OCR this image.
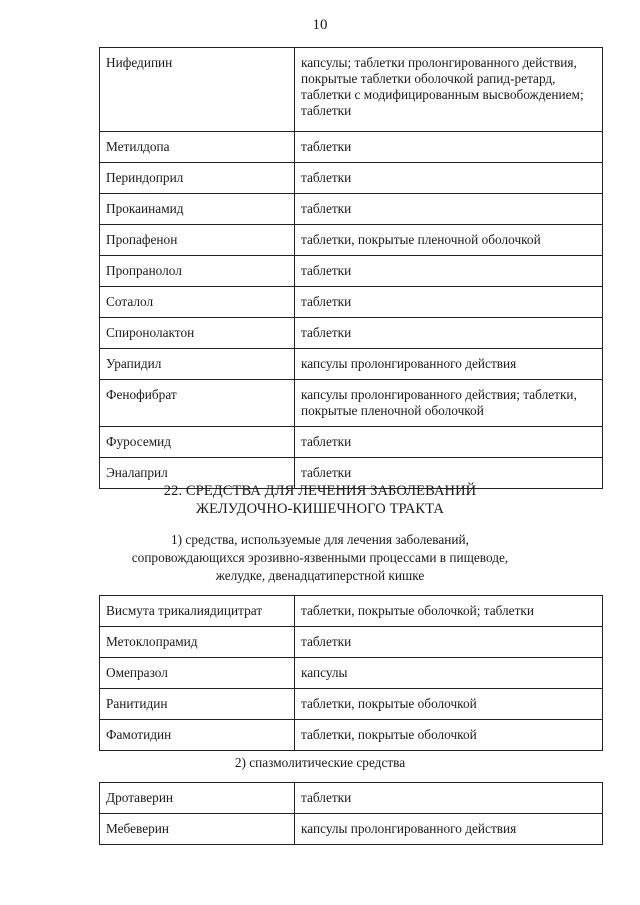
10
Нифедипин	капсулы; таблетки пролонгированного действия, покрытые таблетки оболочкой рапид-ретард, таблетки с модифицированным высвобождением; таблетки
Метилдопа	таблетки
Периндоприл	таблетки
Прокаинамид	таблетки
Пропафенон	таблетки, покрытые пленочной оболочкой
Пропранолол	таблетки
Соталол	таблетки
Спиронолактон	таблетки
Урапидил	капсулы пролонгированного действия
Фенофибрат	капсулы пролонгированного действия; таблетки, покрытые пленочной оболочкой
Фуросемид	таблетки
Эналаприл	таблетки
22. СРЕДСТВА ДЛЯ ЛЕЧЕНИЯ ЗАБОЛЕВАНИЙ
ЖЕЛУДОЧНО-КИШЕЧНОГО ТРАКТА
1) средства, используемые для лечения заболеваний,
сопровождающихся эрозивно-язвенными процессами в пищеводе,
желудке, двенадцатиперстной кишке
Висмута трикалиядицитрат	таблетки, покрытые оболочкой; таблетки
Метоклопрамид	таблетки
Омепразол	капсулы
Ранитидин	таблетки, покрытые оболочкой
Фамотидин	таблетки, покрытые оболочкой
2) спазмолитические средства
Дротаверин	таблетки
Мебеверин	капсулы пролонгированного действия
